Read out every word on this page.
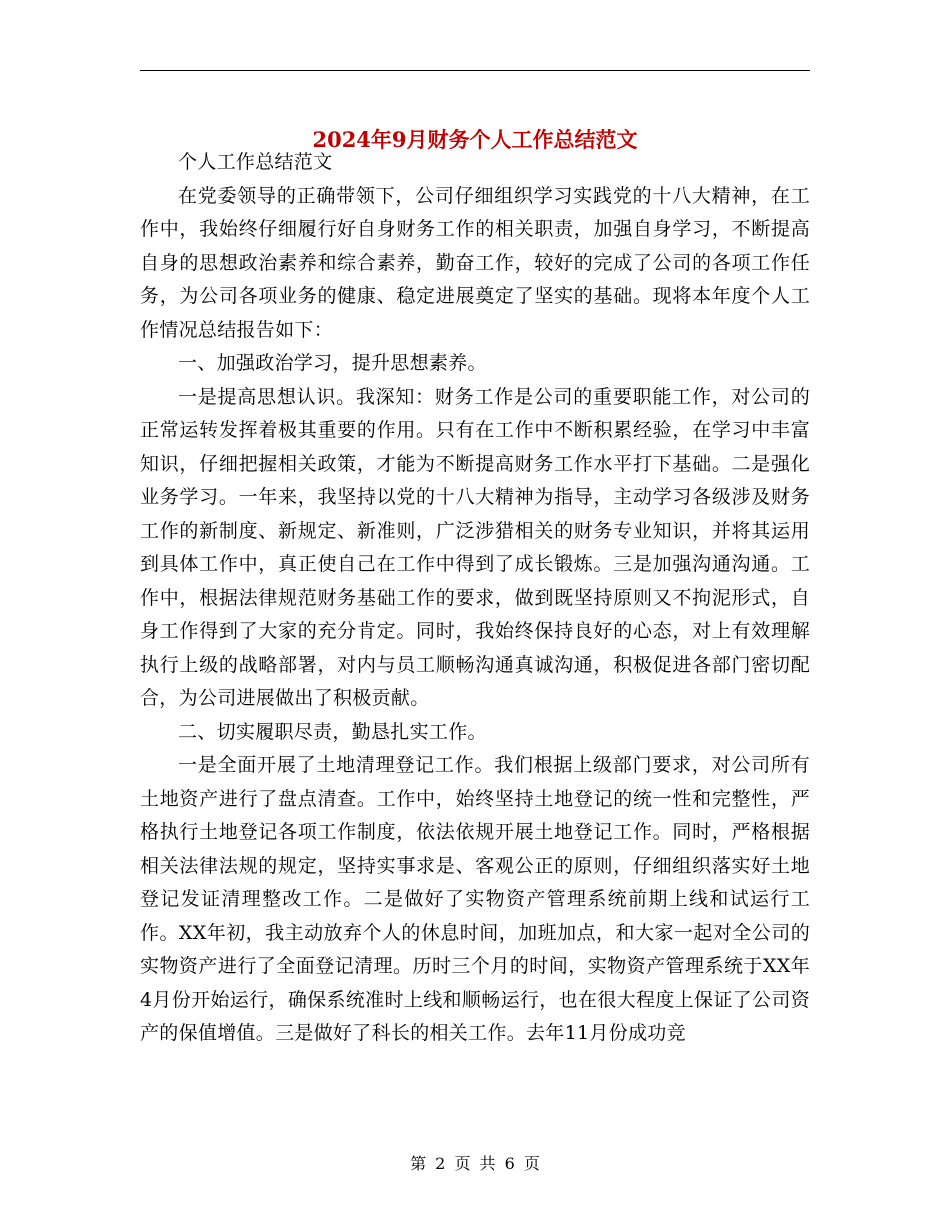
2024年9月财务个人工作总结范文

个人工作总结范文

在党委领导的正确带领下，公司仔细组织学习实践党的十八大精神，在工作中，我始终仔细履行好自身财务工作的相关职责，加强自身学习，不断提高自身的思想政治素养和综合素养，勤奋工作，较好的完成了公司的各项工作任务，为公司各项业务的健康、稳定进展奠定了坚实的基础。现将本年度个人工作情况总结报告如下：

一、加强政治学习，提升思想素养。

一是提高思想认识。我深知：财务工作是公司的重要职能工作，对公司的正常运转发挥着极其重要的作用。只有在工作中不断积累经验，在学习中丰富知识，仔细把握相关政策，才能为不断提高财务工作水平打下基础。二是强化业务学习。一年来，我坚持以党的十八大精神为指导，主动学习各级涉及财务工作的新制度、新规定、新准则，广泛涉猎相关的财务专业知识，并将其运用到具体工作中，真正使自己在工作中得到了成长锻炼。三是加强沟通沟通。工作中，根据法律规范财务基础工作的要求，做到既坚持原则又不拘泥形式，自身工作得到了大家的充分肯定。同时，我始终保持良好的心态，对上有效理解执行上级的战略部署，对内与员工顺畅沟通真诚沟通，积极促进各部门密切配合，为公司进展做出了积极贡献。

二、切实履职尽责，勤恳扎实工作。

一是全面开展了土地清理登记工作。我们根据上级部门要求，对公司所有土地资产进行了盘点清查。工作中，始终坚持土地登记的统一性和完整性，严格执行土地登记各项工作制度，依法依规开展土地登记工作。同时，严格根据相关法律法规的规定，坚持实事求是、客观公正的原则，仔细组织落实好土地登记发证清理整改工作。二是做好了实物资产管理系统前期上线和试运行工作。XX年初，我主动放弃个人的休息时间，加班加点，和大家一起对全公司的实物资产进行了全面登记清理。历时三个月的时间，实物资产管理系统于XX年4月份开始运行，确保系统准时上线和顺畅运行，也在很大程度上保证了公司资产的保值增值。三是做好了科长的相关工作。去年11月份成功竞

第 2 页 共 6 页
